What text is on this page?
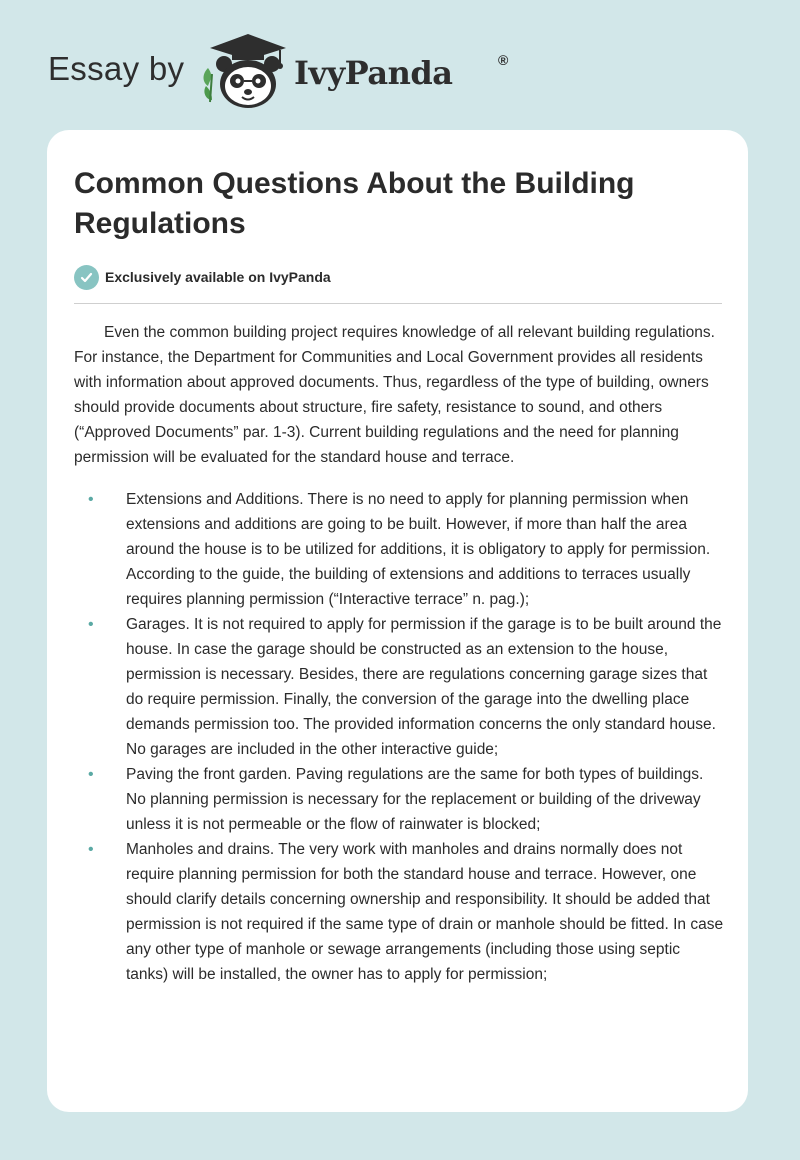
Essay by	IvyPanda	®
Common Questions About the Building Regulations
Exclusively available on IvyPanda

Even the common building project requires knowledge of all relevant building regulations. For instance, the Department for Communities and Local Government provides all residents with information about approved documents. Thus, regardless of the type of building, owners should provide documents about structure, fire safety, resistance to sound, and others (“Approved Documents” par. 1-3). Current building regulations and the need for planning permission will be evaluated for the standard house and terrace.

• Extensions and Additions. There is no need to apply for planning permission when extensions and additions are going to be built. However, if more than half the area around the house is to be utilized for additions, it is obligatory to apply for permission. According to the guide, the building of extensions and additions to terraces usually requires planning permission (“Interactive terrace” n. pag.);
• Garages. It is not required to apply for permission if the garage is to be built around the house. In case the garage should be constructed as an extension to the house, permission is necessary. Besides, there are regulations concerning garage sizes that do require permission. Finally, the conversion of the garage into the dwelling place demands permission too. The provided information concerns the only standard house. No garages are included in the other interactive guide;
• Paving the front garden. Paving regulations are the same for both types of buildings. No planning permission is necessary for the replacement or building of the driveway unless it is not permeable or the flow of rainwater is blocked;
• Manholes and drains. The very work with manholes and drains normally does not require planning permission for both the standard house and terrace. However, one should clarify details concerning ownership and responsibility. It should be added that permission is not required if the same type of drain or manhole should be fitted. In case any other type of manhole or sewage arrangements (including those using septic tanks) will be installed, the owner has to apply for permission;
